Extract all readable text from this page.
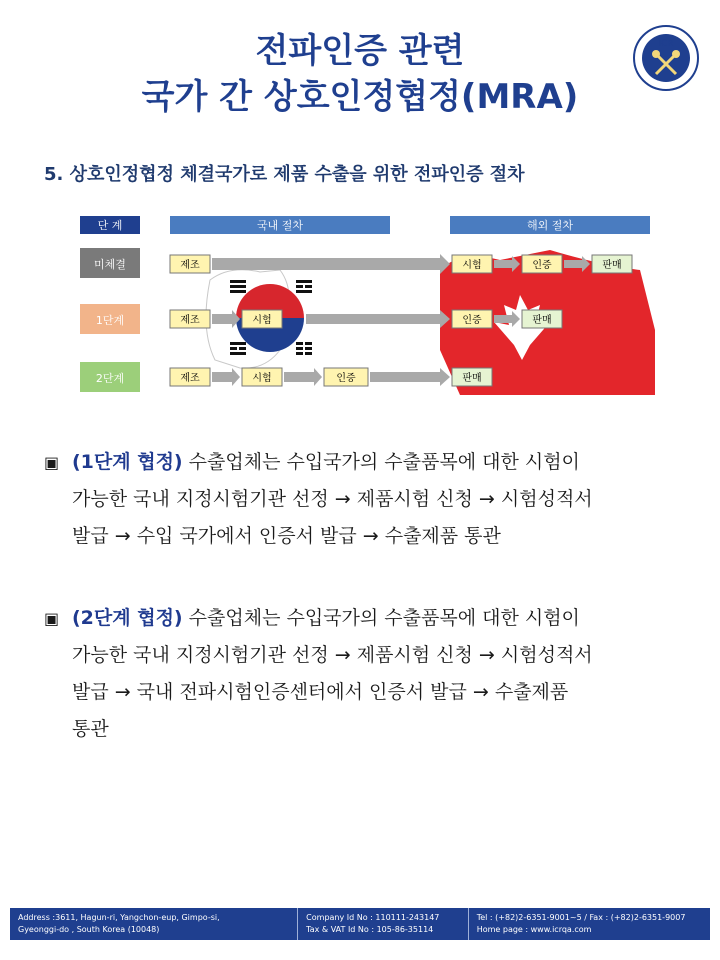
전파인증 관련
국가 간 상호인정협정(MRA)
ICR
5. 상호인정협정 체결국가로 제품 수출을 위한 전파인증 절차
단 계	국내 절차	해외 절차
미체결	제조	시험	인증	판매
1단계	제조	시험	인증	판매
2단계	제조	시험	인증	판매
▣ (1단계 협정) 수출업체는 수입국가의 수출품목에 대한 시험이
가능한 국내 지정시험기관 선정 → 제품시험 신청 → 시험성적서
발급 → 수입 국가에서 인증서 발급 → 수출제품 통관
▣ (2단계 협정) 수출업체는 수입국가의 수출품목에 대한 시험이
가능한 국내 지정시험기관 선정 → 제품시험 신청 → 시험성적서
발급 → 국내 전파시험인증센터에서 인증서 발급 → 수출제품
통관
Address :3611, Hagun-ri, Yangchon-eup, Gimpo-si,
Gyeonggi-do , South Korea (10048)
Company Id No : 110111-243147
Tax & VAT Id No : 105-86-35114
Tel : (+82)2-6351-9001~5 / Fax : (+82)2-6351-9007
Home page : www.icrqa.com
